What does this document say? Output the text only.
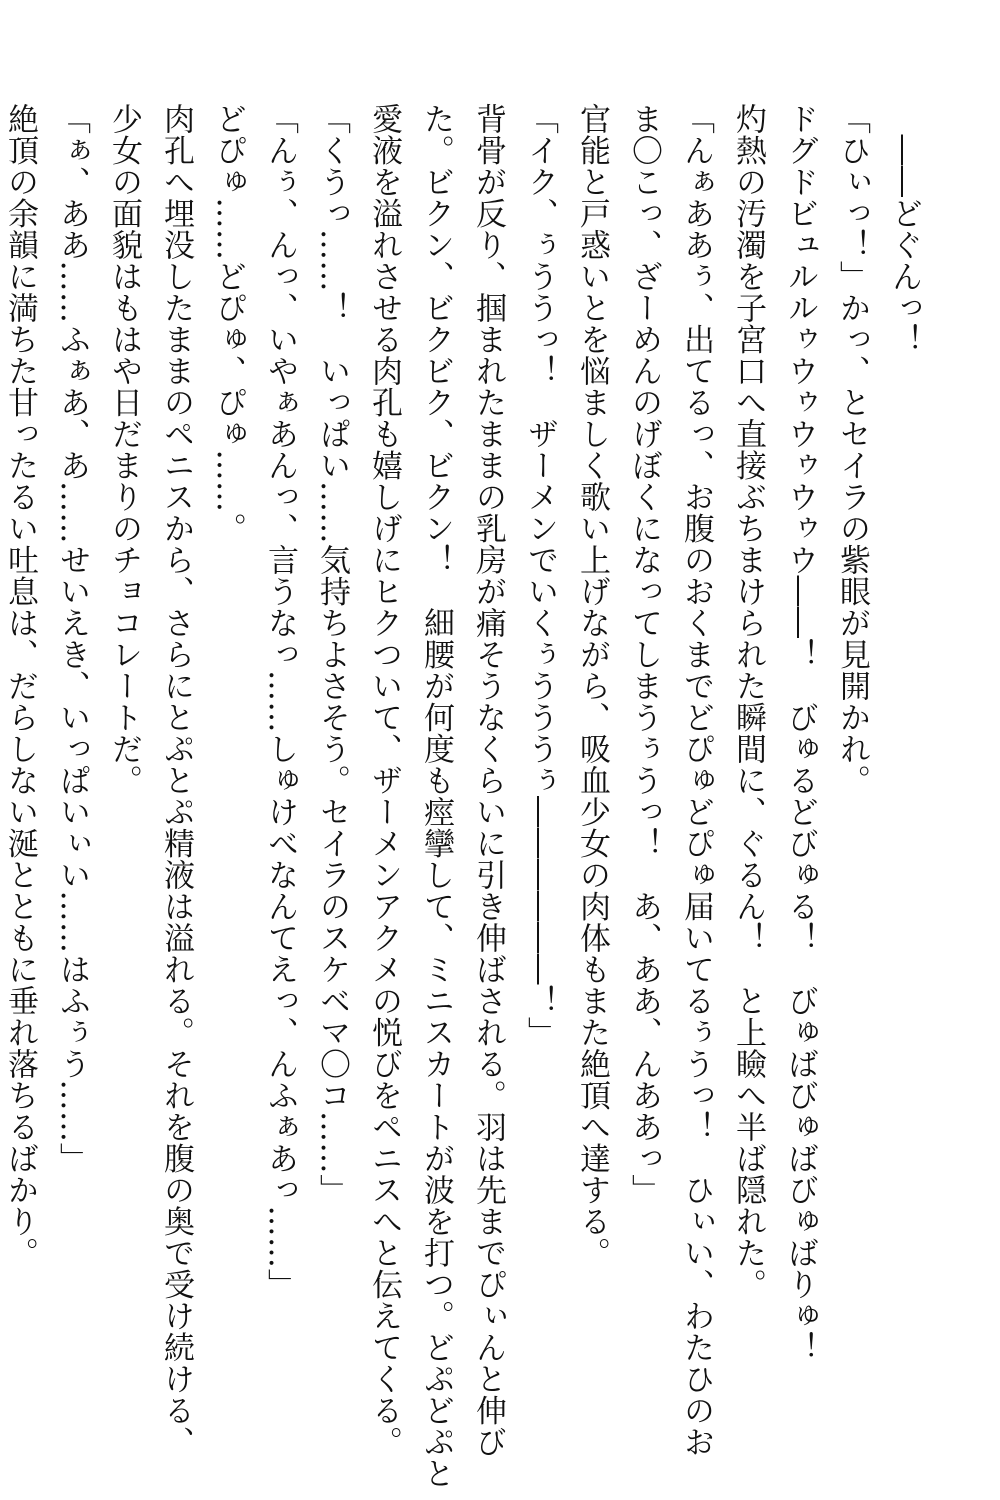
　――どぐんっ！
「ひぃっ！」かっ、とセイラの紫眼が見開かれ。
ドグドビュルルゥウゥウゥウゥウ――！　びゅるどびゅる！　びゅばびゅばびゅばりゅ！
灼熱の汚濁を子宮口へ直接ぶちまけられた瞬間に、ぐるん！　と上瞼へ半ば隠れた。
「んぁああぅ、出てるっ、お腹のおくまでどぴゅどぴゅ届いてるぅうっ！　ひぃい、わたひのお
ま〇こっ、ざーめんのげぼくになってしまうぅうっ！　あ、ああ、んああっ」
官能と戸惑いとを悩ましく歌い上げながら、吸血少女の肉体もまた絶頂へ達する。
「イク、ぅううっ！　ザーメンでいくぅうううぅ――――――！」
背骨が反り、掴まれたままの乳房が痛そうなくらいに引き伸ばされる。羽は先までぴぃんと伸び
た。ビクン、ビクビク、ビクン！　細腰が何度も痙攣して、ミニスカートが波を打つ。どぷどぷと
愛液を溢れさせる肉孔も嬉しげにヒクついて、ザーメンアクメの悦びをペニスへと伝えてくる。
「くうっ……！　いっぱい……気持ちよさそう。セイラのスケベマ〇コ……」
「んぅ、んっ、いやぁあんっ、言うなっ……しゅけべなんてえっ、んふぁあっ……」
どぴゅ……どぴゅ、ぴゅ……。
肉孔へ埋没したままのペニスから、さらにとぷとぷ精液は溢れる。それを腹の奥で受け続ける、
少女の面貌はもはや日だまりのチョコレートだ。
「ぁ、ああ……ふぁあ、あ……せいえき、いっぱいぃい……はふぅう……」
絶頂の余韻に満ちた甘ったるい吐息は、だらしない涎とともに垂れ落ちるばかり。
